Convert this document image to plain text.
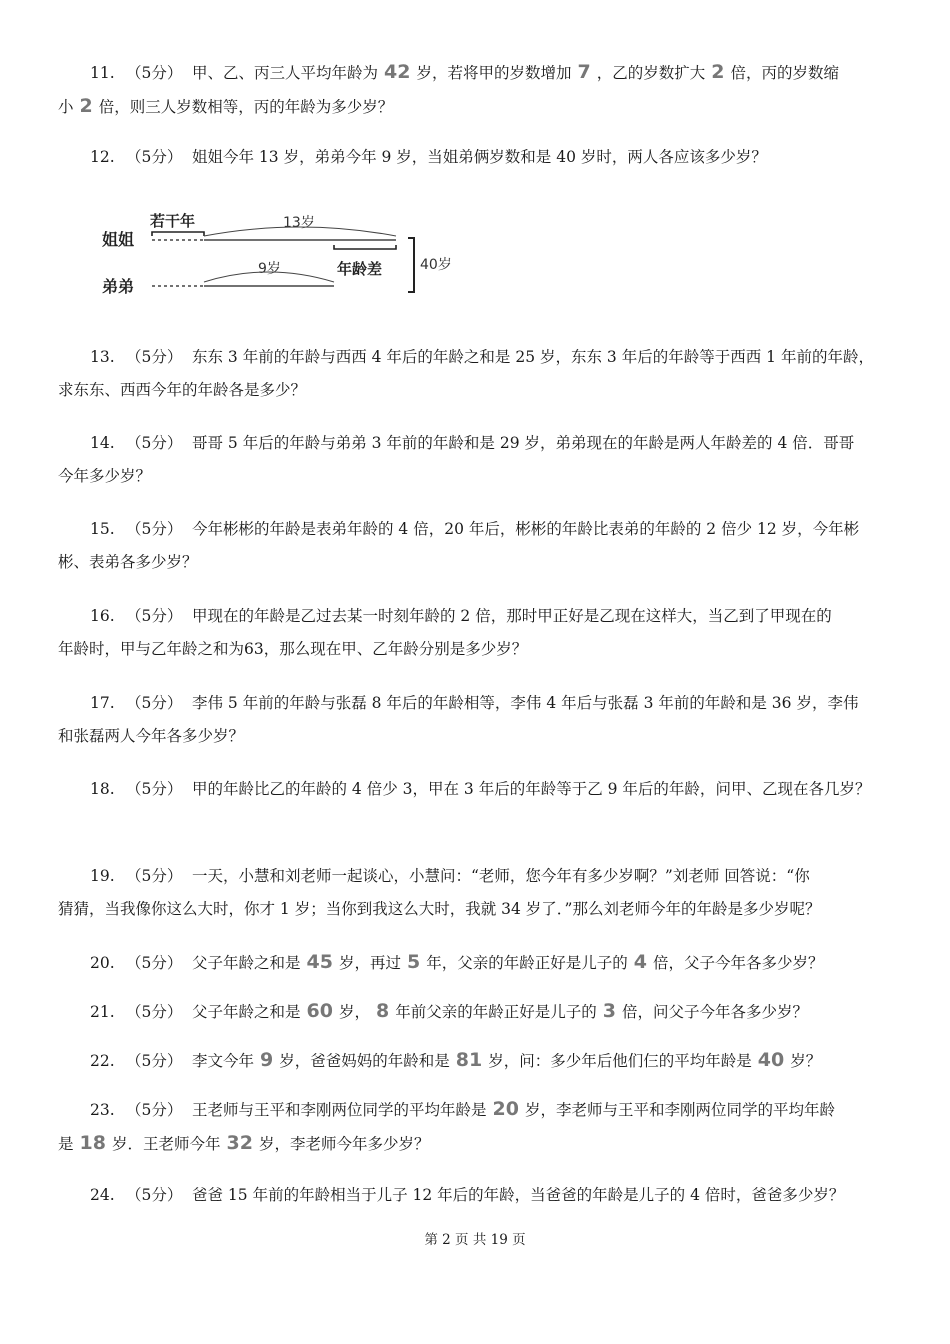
11. （5分） 甲、乙、丙三人平均年龄为 42 岁，若将甲的岁数增加 7 ，乙的岁数扩大 2 倍，丙的岁数缩
小 2 倍，则三人岁数相等，丙的年龄为多少岁？
12. （5分） 姐姐今年 13 岁，弟弟今年 9 岁，当姐弟俩岁数和是 40 岁时，两人各应该多少岁？
姐姐
弟弟
若干年	13岁
9岁	年龄差	40岁
13. （5分） 东东 3 年前的年龄与西西 4 年后的年龄之和是 25 岁，东东 3 年后的年龄等于西西 1 年前的年龄，
求东东、西西今年的年龄各是多少？
14. （5分） 哥哥 5 年后的年龄与弟弟 3 年前的年龄和是 29 岁，弟弟现在的年龄是两人年龄差的 4 倍．哥哥
今年多少岁？
15. （5分） 今年彬彬的年龄是表弟年龄的 4 倍，20 年后，彬彬的年龄比表弟的年龄的 2 倍少 12 岁，今年彬
彬、表弟各多少岁？
16. （5分） 甲现在的年龄是乙过去某一时刻年龄的 2 倍，那时甲正好是乙现在这样大，当乙到了甲现在的
年龄时，甲与乙年龄之和为63，那么现在甲、乙年龄分别是多少岁？
17. （5分） 李伟 5 年前的年龄与张磊 8 年后的年龄相等，李伟 4 年后与张磊 3 年前的年龄和是 36 岁，李伟
和张磊两人今年各多少岁？
18. （5分） 甲的年龄比乙的年龄的 4 倍少 3，甲在 3 年后的年龄等于乙 9 年后的年龄，问甲、乙现在各几岁？
19. （5分） 一天，小慧和刘老师一起谈心，小慧问：“老师，您今年有多少岁啊？”刘老师 回答说：“你
猜猜，当我像你这么大时，你才 1 岁；当你到我这么大时，我就 34 岁了．”那么刘老师今年的年龄是多少岁呢？
20. （5分） 父子年龄之和是 45 岁，再过 5 年，父亲的年龄正好是儿子的 4 倍，父子今年各多少岁？
21. （5分） 父子年龄之和是 60 岁， 8 年前父亲的年龄正好是儿子的 3 倍，问父子今年各多少岁？
22. （5分） 李文今年 9 岁，爸爸妈妈的年龄和是 81 岁，问：多少年后他们仨的平均年龄是 40 岁？
23. （5分） 王老师与王平和李刚两位同学的平均年龄是 20 岁，李老师与王平和李刚两位同学的平均年龄
是 18 岁．王老师今年 32 岁，李老师今年多少岁？
24. （5分） 爸爸 15 年前的年龄相当于儿子 12 年后的年龄，当爸爸的年龄是儿子的 4 倍时，爸爸多少岁？
第 2 页 共 19 页
